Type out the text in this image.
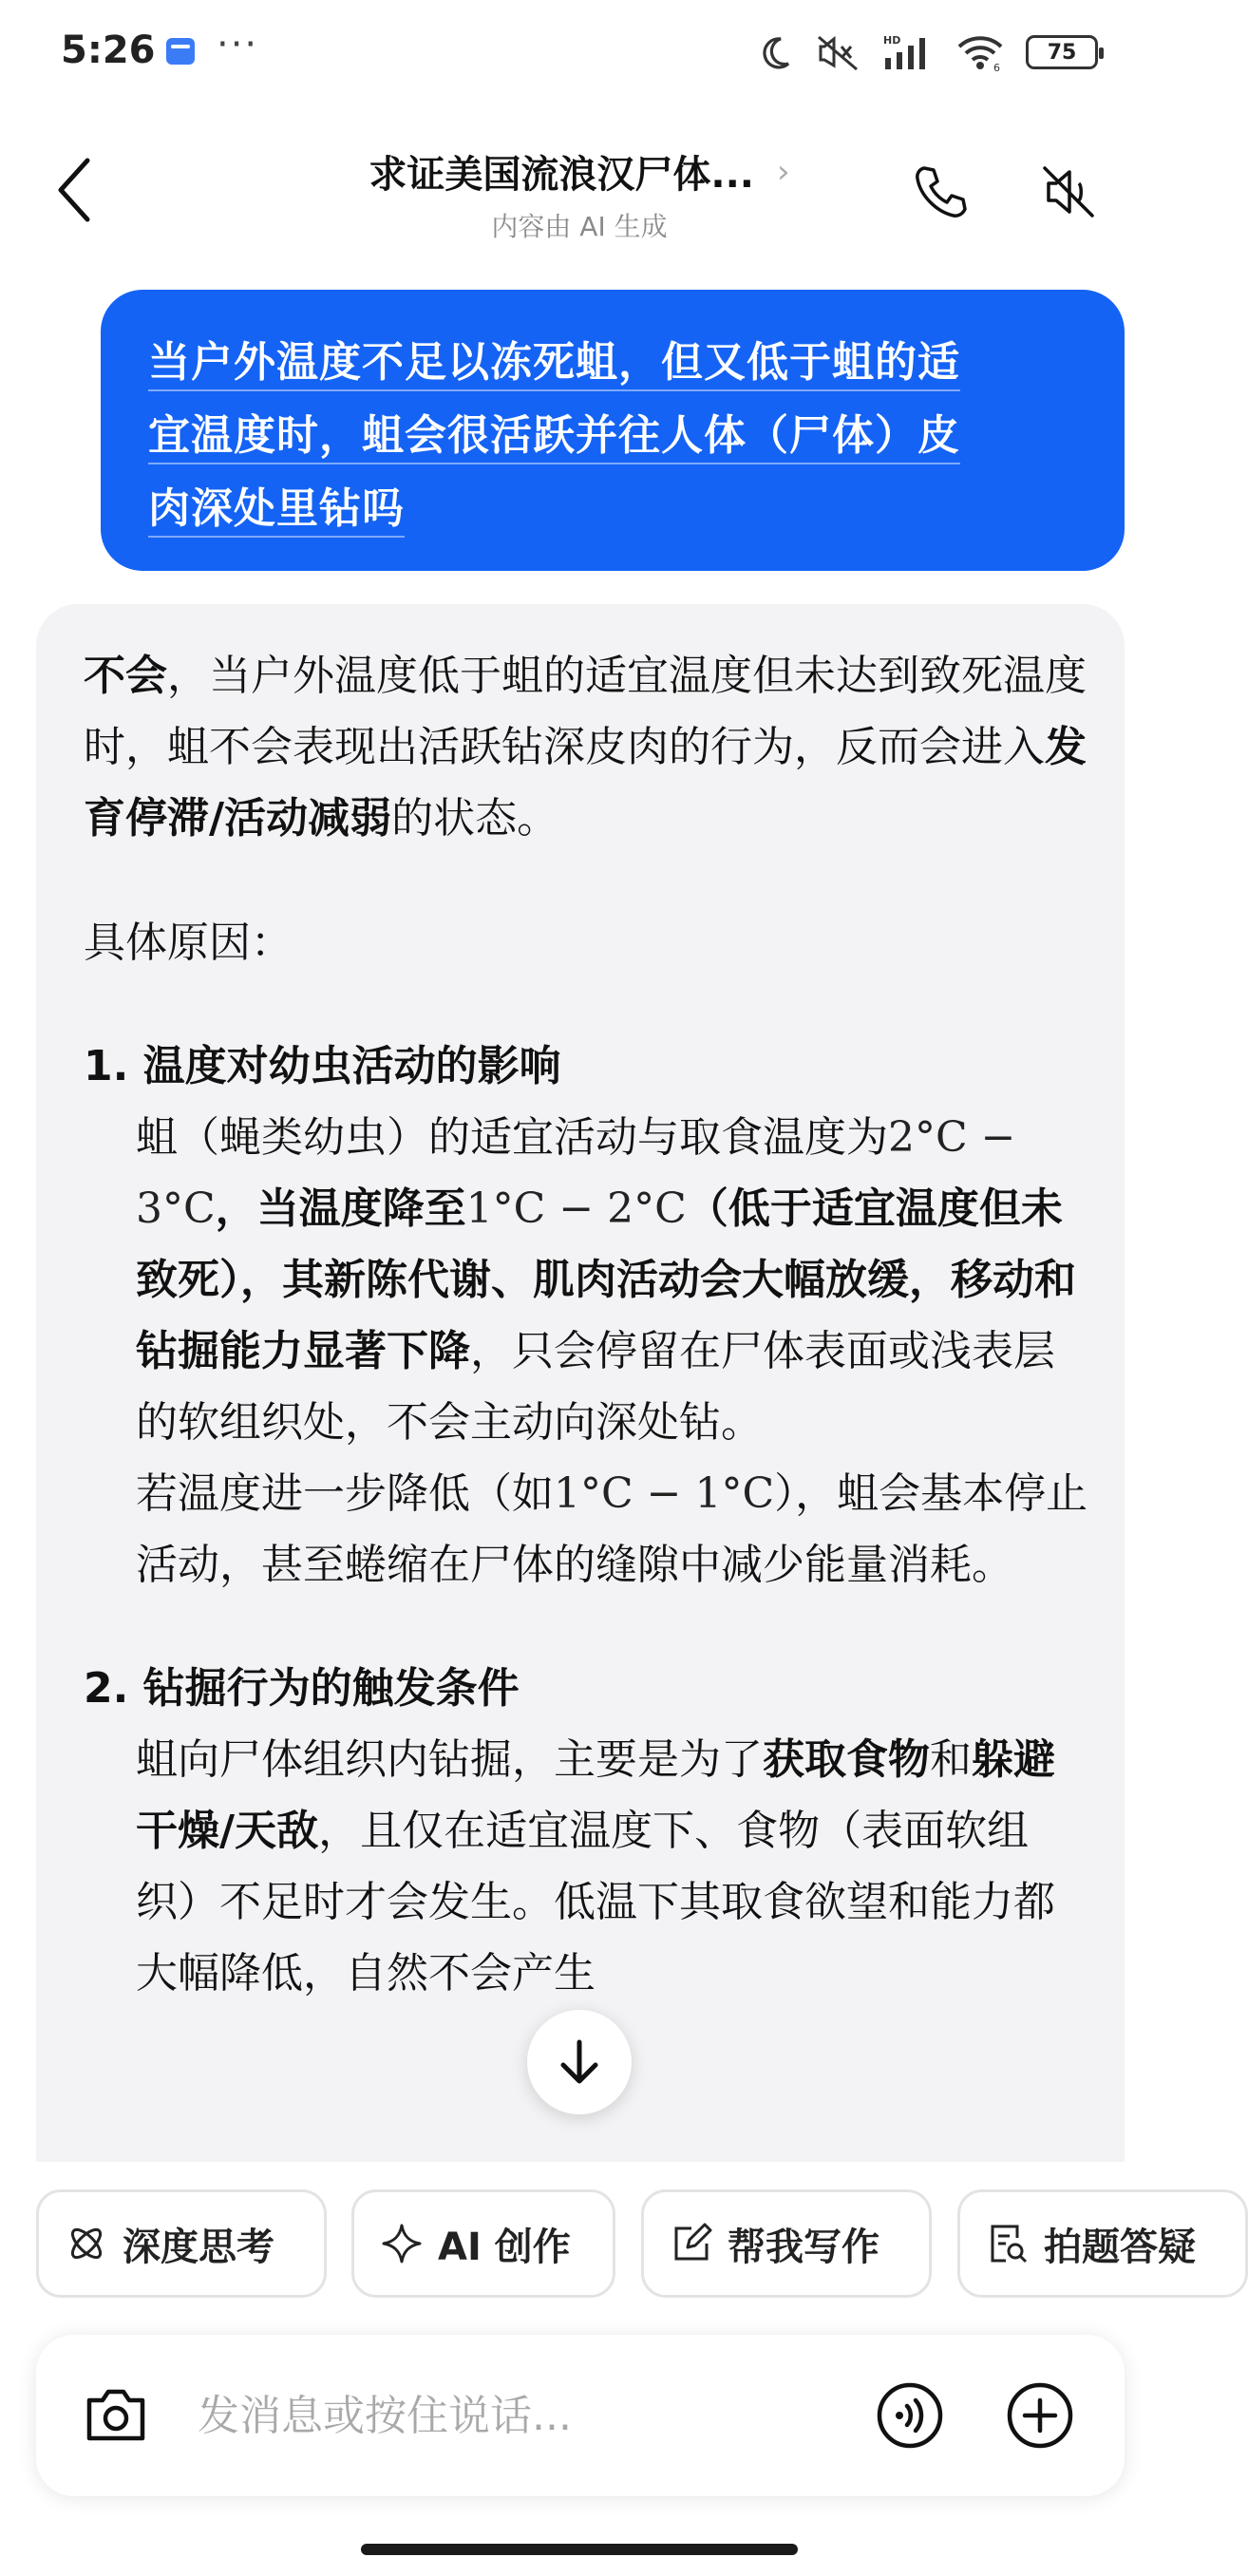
5:26 ···	HD
6
75
求证美国流浪汉尸体... ›
内容由 AI 生成
当户外温度不足以冻死蛆，但又低于蛆的适
宜温度时，蛆会很活跃并往人体（尸体）皮
肉深处里钻吗

不会，当户外温度低于蛆的适宜温度但未达到致死温度时，蛆不会表现出活跃钻深皮肉的行为，反而会进入发育停滞/活动减弱的状态。

具体原因：

1. 温度对幼虫活动的影响
蛆（蝇类幼虫）的适宜活动与取食温度为2°C − 3°C，当温度降至1°C − 2°C（低于适宜温度但未致死），其新陈代谢、肌肉活动会大幅放缓，移动和钻掘能力显著下降，只会停留在尸体表面或浅表层的软组织处，不会主动向深处钻。
若温度进一步降低（如1°C − 1°C），蛆会基本停止活动，甚至蜷缩在尸体的缝隙中减少能量消耗。
2. 钻掘行为的触发条件
蛆向尸体组织内钻掘，主要是为了获取食物和躲避干燥/天敌，且仅在适宜温度下、食物（表面软组织）不足时才会发生。低温下其取食欲望和能力都大幅降低，自然不会产生
深度思考	AI 创作	帮我写作	拍题答疑
发消息或按住说话...
